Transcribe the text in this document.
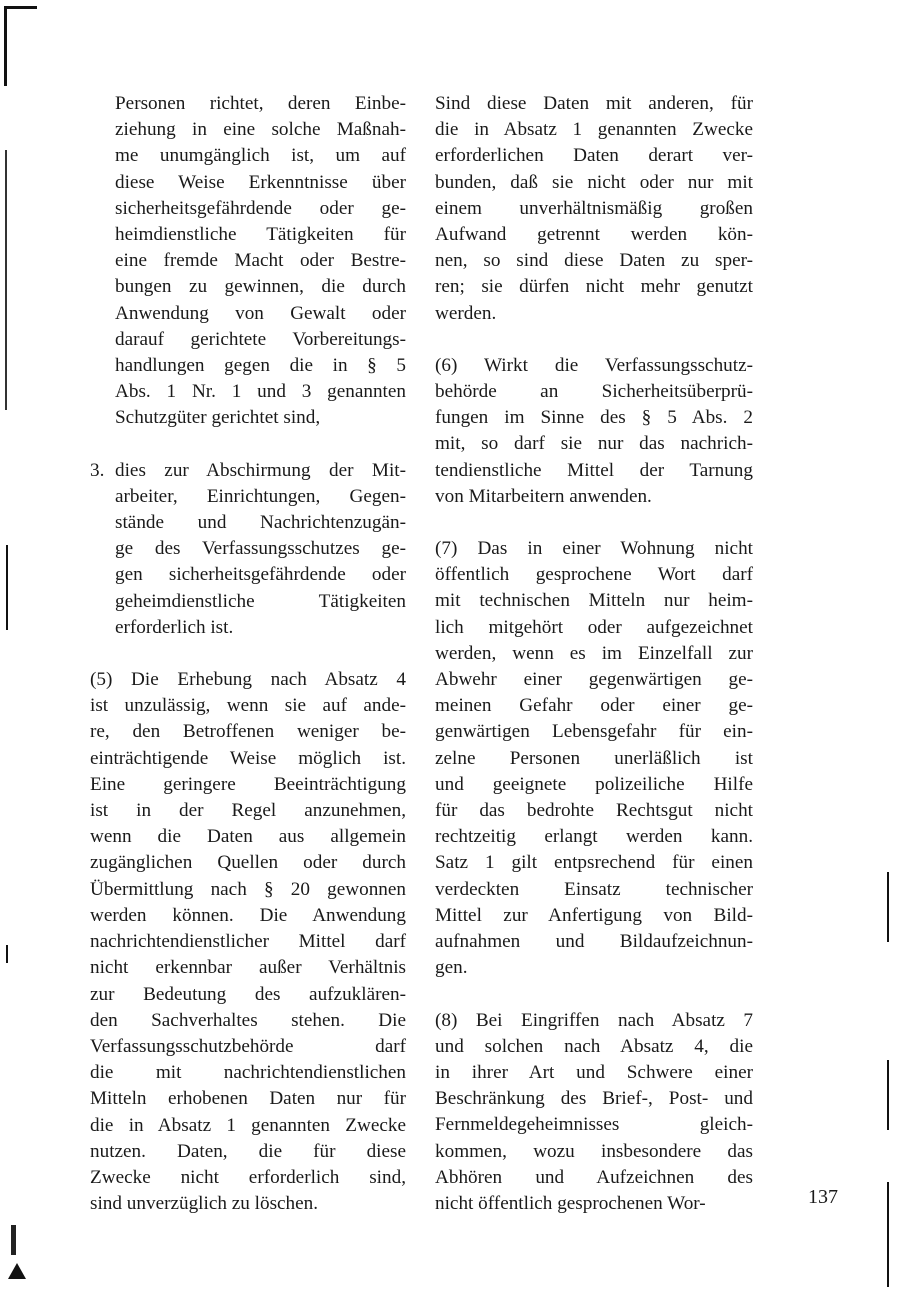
Personen richtet, deren Einbe-
ziehung in eine solche Maßnah-
me unumgänglich ist, um auf
diese Weise Erkenntnisse über
sicherheitsgefährdende oder ge-
heimdienstliche Tätigkeiten für
eine fremde Macht oder Bestre-
bungen zu gewinnen, die durch
Anwendung von Gewalt oder
darauf gerichtete Vorbereitungs-
handlungen gegen die in § 5
Abs. 1 Nr. 1 und 3 genannten
Schutzgüter gerichtet sind,
3. dies zur Abschirmung der Mit-
arbeiter, Einrichtungen, Gegen-
stände und Nachrichtenzugän-
ge des Verfassungsschutzes ge-
gen sicherheitsgefährdende oder
geheimdienstliche Tätigkeiten
erforderlich ist.
(5) Die Erhebung nach Absatz 4
ist unzulässig, wenn sie auf ande-
re, den Betroffenen weniger be-
einträchtigende Weise möglich ist.
Eine geringere Beeinträchtigung
ist in der Regel anzunehmen,
wenn die Daten aus allgemein
zugänglichen Quellen oder durch
Übermittlung nach § 20 gewonnen
werden können. Die Anwendung
nachrichtendienstlicher Mittel darf
nicht erkennbar außer Verhältnis
zur Bedeutung des aufzuklären-
den Sachverhaltes stehen. Die
Verfassungsschutzbehörde darf
die mit nachrichtendienstlichen
Mitteln erhobenen Daten nur für
die in Absatz 1 genannten Zwecke
nutzen. Daten, die für diese
Zwecke nicht erforderlich sind,
sind unverzüglich zu löschen.
Sind diese Daten mit anderen, für
die in Absatz 1 genannten Zwecke
erforderlichen Daten derart ver-
bunden, daß sie nicht oder nur mit
einem unverhältnismäßig großen
Aufwand getrennt werden kön-
nen, so sind diese Daten zu sper-
ren; sie dürfen nicht mehr genutzt
werden.
(6) Wirkt die Verfassungsschutz-
behörde an Sicherheitsüberprü-
fungen im Sinne des § 5 Abs. 2
mit, so darf sie nur das nachrich-
tendienstliche Mittel der Tarnung
von Mitarbeitern anwenden.
(7) Das in einer Wohnung nicht
öffentlich gesprochene Wort darf
mit technischen Mitteln nur heim-
lich mitgehört oder aufgezeichnet
werden, wenn es im Einzelfall zur
Abwehr einer gegenwärtigen ge-
meinen Gefahr oder einer ge-
genwärtigen Lebensgefahr für ein-
zelne Personen unerläßlich ist
und geeignete polizeiliche Hilfe
für das bedrohte Rechtsgut nicht
rechtzeitig erlangt werden kann.
Satz 1 gilt entpsrechend für einen
verdeckten Einsatz technischer
Mittel zur Anfertigung von Bild-
aufnahmen und Bildaufzeichnun-
gen.
(8) Bei Eingriffen nach Absatz 7
und solchen nach Absatz 4, die
in ihrer Art und Schwere einer
Beschränkung des Brief-, Post- und
Fernmeldegeheimnisses gleich-
kommen, wozu insbesondere das
Abhören und Aufzeichnen des
nicht öffentlich gesprochenen Wor-	137
